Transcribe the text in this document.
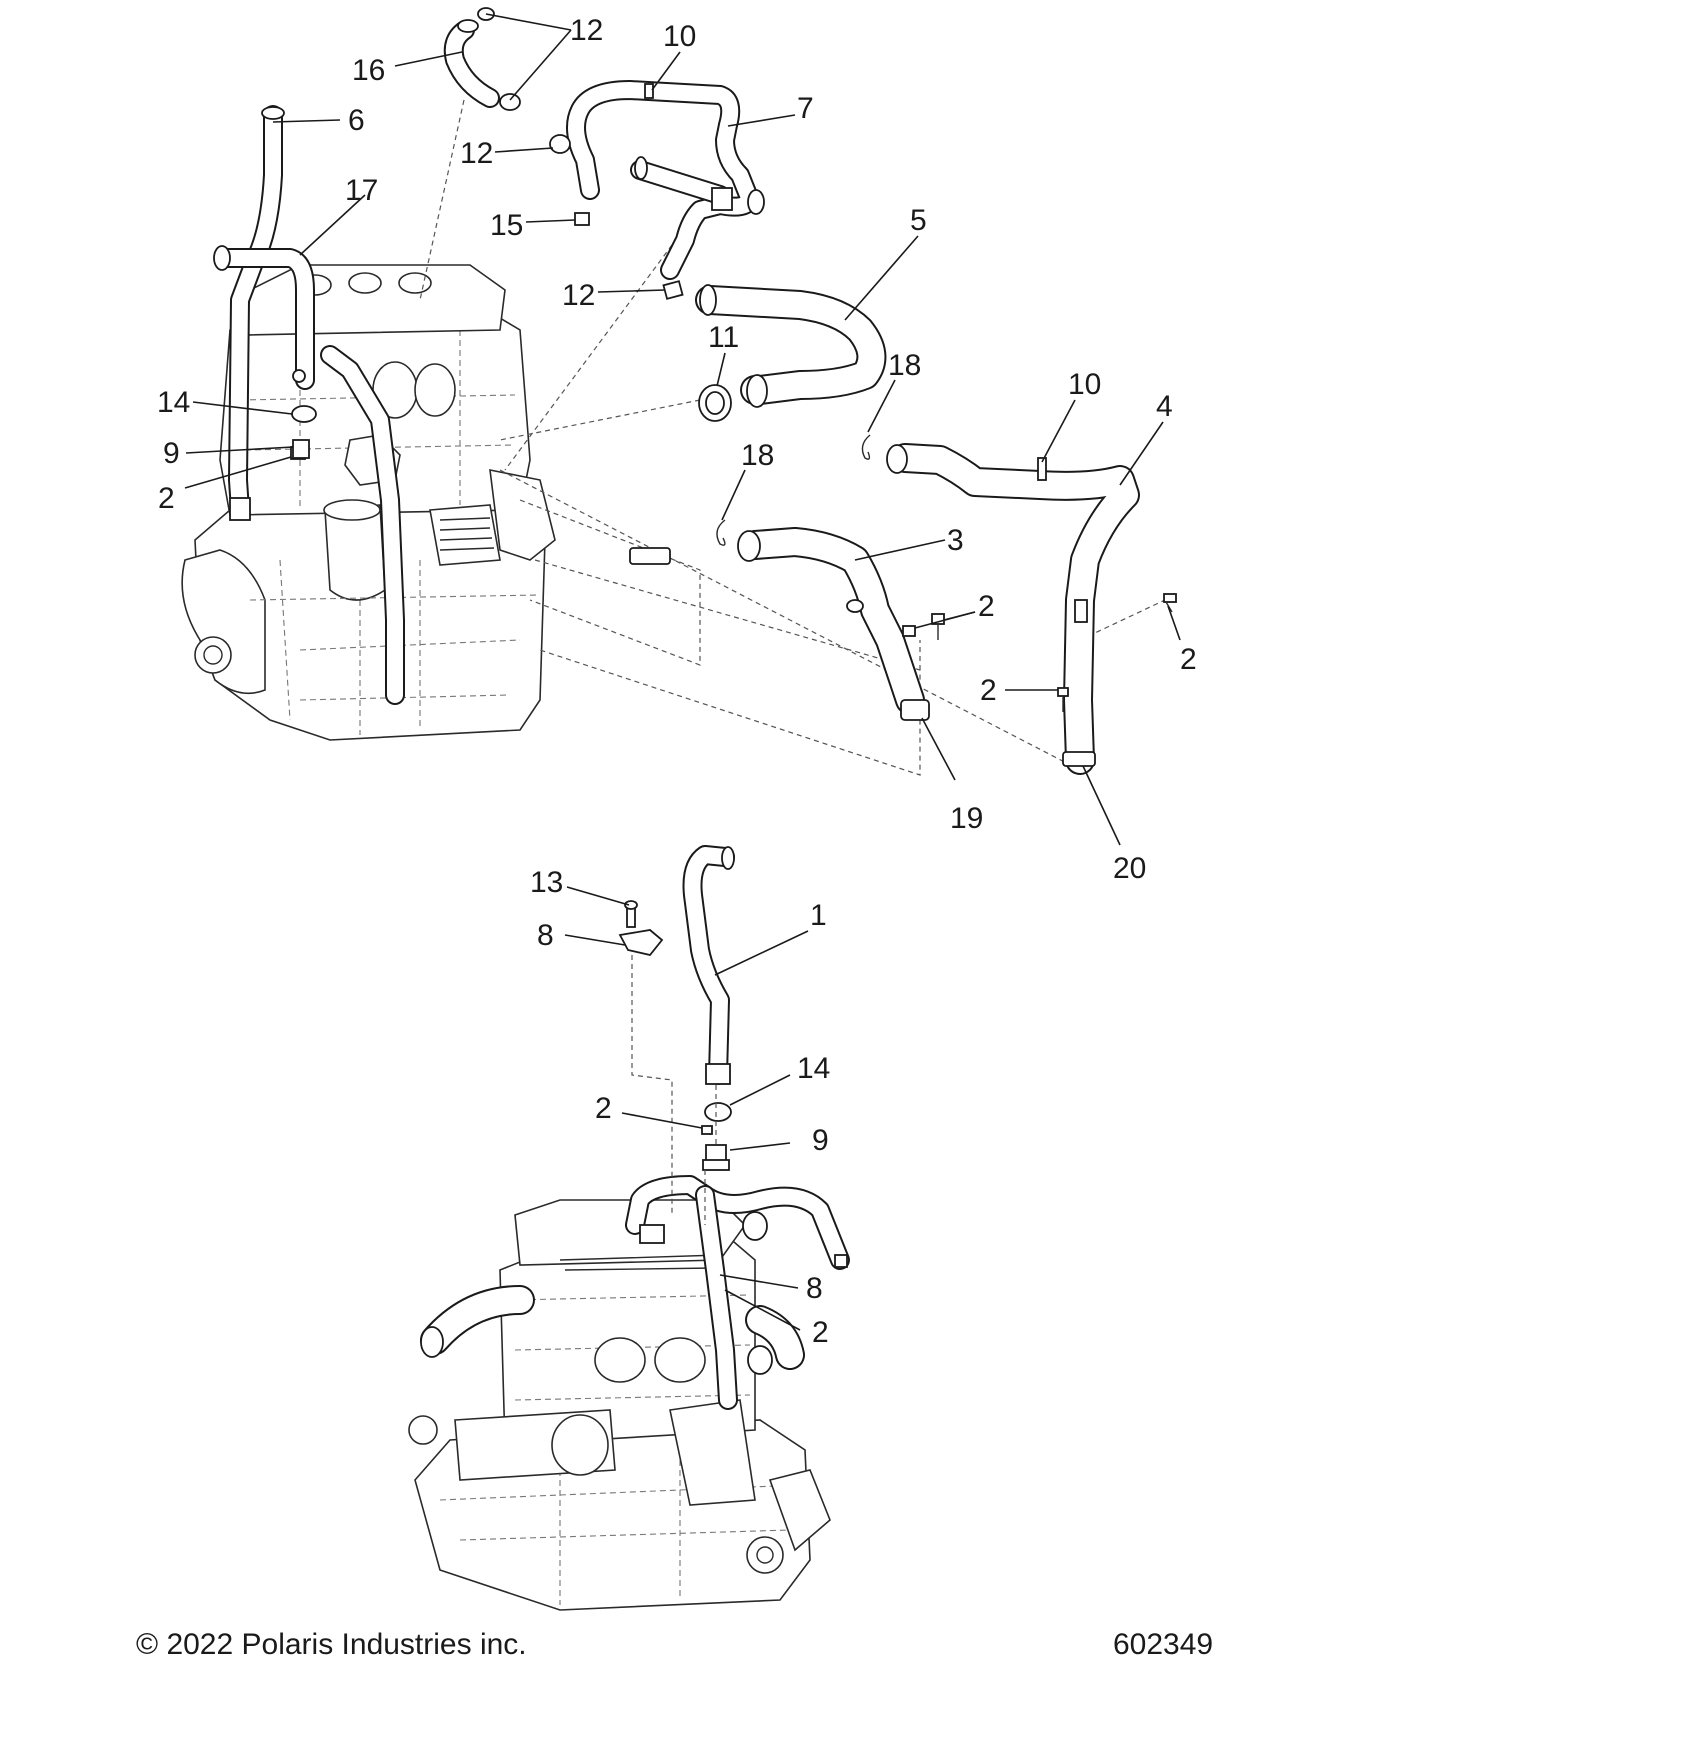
12
16
10
6	7
12
17
15	5
12
11
18
10
4
14
9	18
2
3
2
2
2
19
20
13
1
8
14
2
9
8
2
© 2022 Polaris Industries inc.	602349
